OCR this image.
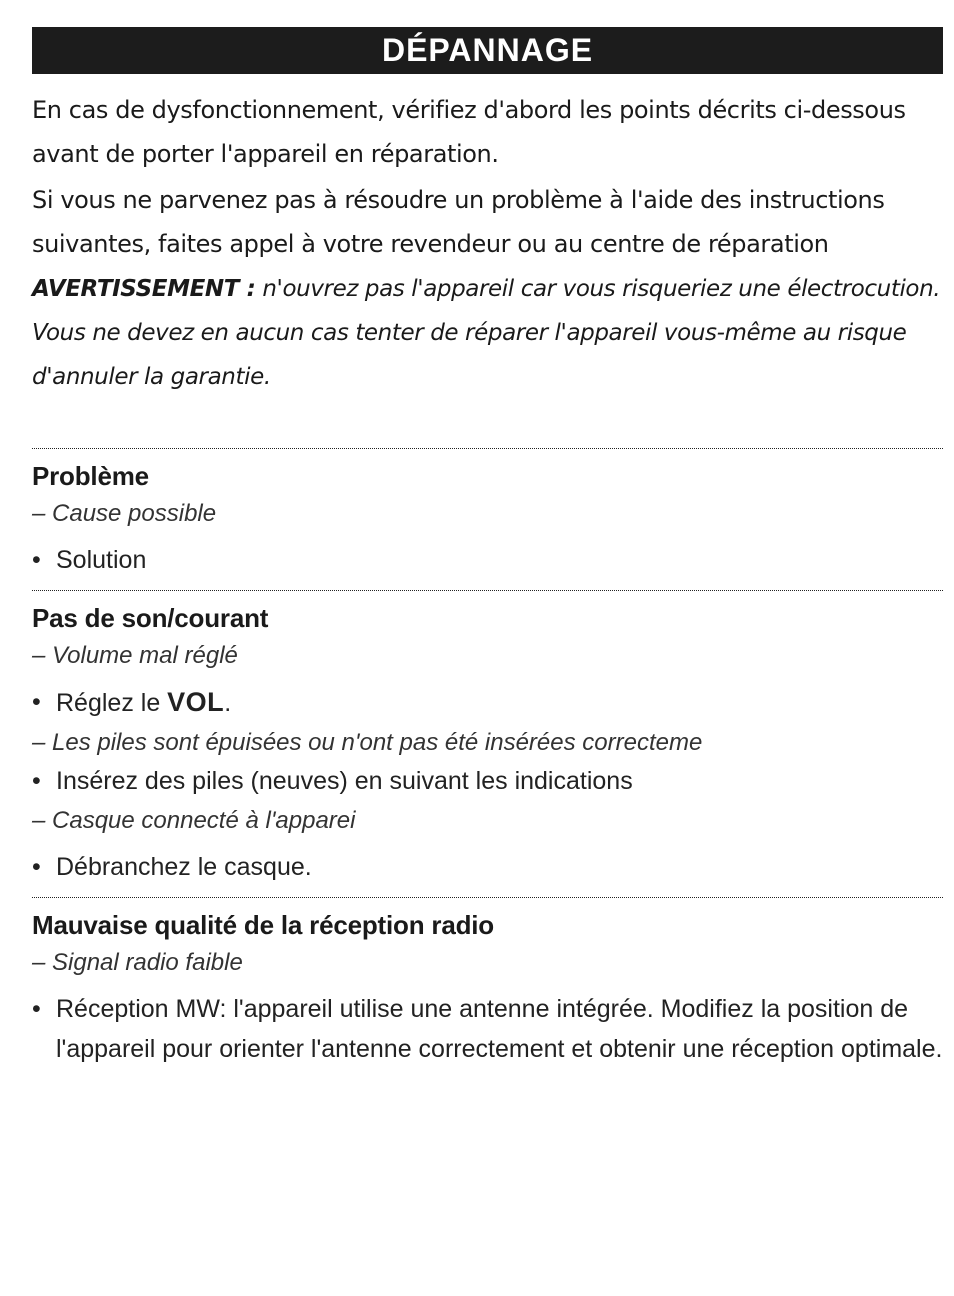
DÉPANNAGE

En cas de dysfonctionnement, vérifiez d'abord les points décrits ci-dessous avant de porter l'appareil en réparation.

Si vous ne parvenez pas à résoudre un problème à l'aide des instructions suivantes, faites appel à votre revendeur ou au centre de réparation

AVERTISSEMENT : n'ouvrez pas l'appareil car vous risqueriez une électrocution. Vous ne devez en aucun cas tenter de réparer l'appareil vous-même au risque d'annuler la garantie.
Problème
– Cause possible
• Solution
Pas de son/courant
– Volume mal réglé
• Réglez le VOL.
– Les piles sont épuisées ou n'ont pas été insérées correcteme
• Insérez des piles (neuves) en suivant les indications
– Casque connecté à l'apparei
• Débranchez le casque.
Mauvaise qualité de la réception radio
– Signal radio faible
• Réception MW: l'appareil utilise une antenne intégrée. Modifiez la position de l'appareil pour orienter l'antenne correctement et obtenir une réception optimale.
